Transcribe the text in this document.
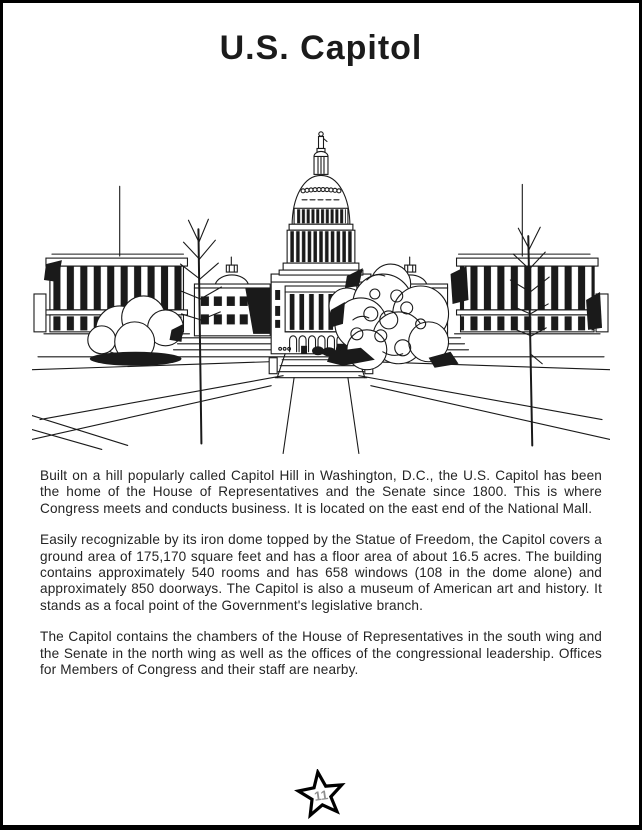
U.S. Capitol

Built on a hill popularly called Capitol Hill in Washington, D.C., the U.S. Capitol has been the home of the House of Representatives and the Senate since 1800. This is where Congress meets and conducts business. It is located on the east end of the National Mall.

Easily recognizable by its iron dome topped by the Statue of Freedom, the Capitol covers a ground area of 175,170 square feet and has a floor area of about 16.5 acres. The building contains approximately 540 rooms and has 658 windows (108 in the dome alone) and approximately 850 doorways. The Capitol is also a museum of American art and history. It stands as a focal point of the Government's legislative branch.

The Capitol contains the chambers of the House of Representatives in the south wing and the Senate in the north wing as well as the offices of the congressional leadership. Offices for Members of Congress and their staff are nearby.

11
